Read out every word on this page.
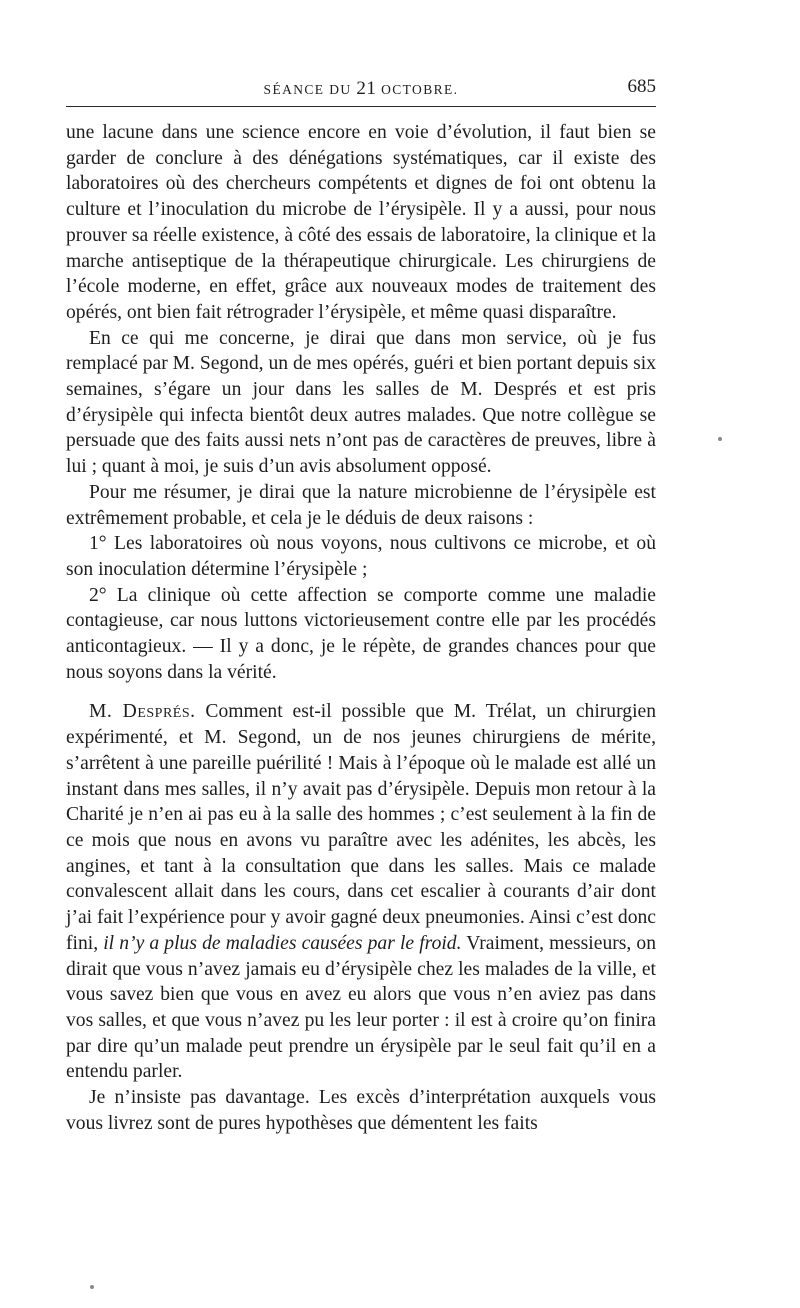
SÉANCE DU 21 OCTOBRE.	685

une lacune dans une science encore en voie d’évolution, il faut bien se garder de conclure à des dénégations systématiques, car il existe des laboratoires où des chercheurs compétents et dignes de foi ont obtenu la culture et l’inoculation du microbe de l’érysipèle. Il y a aussi, pour nous prouver sa réelle existence, à côté des essais de laboratoire, la clinique et la marche antiseptique de la thérapeutique chirurgicale. Les chirurgiens de l’école moderne, en effet, grâce aux nouveaux modes de traitement des opérés, ont bien fait rétrograder l’érysipèle, et même quasi disparaître.

En ce qui me concerne, je dirai que dans mon service, où je fus remplacé par M. Segond, un de mes opérés, guéri et bien portant depuis six semaines, s’égare un jour dans les salles de M. Després et est pris d’érysipèle qui infecta bientôt deux autres malades. Que notre collègue se persuade que des faits aussi nets n’ont pas de caractères de preuves, libre à lui ; quant à moi, je suis d’un avis absolument opposé.

Pour me résumer, je dirai que la nature microbienne de l’érysipèle est extrêmement probable, et cela je le déduis de deux raisons :

1° Les laboratoires où nous voyons, nous cultivons ce microbe, et où son inoculation détermine l’érysipèle ;

2° La clinique où cette affection se comporte comme une maladie contagieuse, car nous luttons victorieusement contre elle par les procédés anticontagieux. — Il y a donc, je le répète, de grandes chances pour que nous soyons dans la vérité.

M. Després. Comment est-il possible que M. Trélat, un chirurgien expérimenté, et M. Segond, un de nos jeunes chirurgiens de mérite, s’arrêtent à une pareille puérilité ! Mais à l’époque où le malade est allé un instant dans mes salles, il n’y avait pas d’érysipèle. Depuis mon retour à la Charité je n’en ai pas eu à la salle des hommes ; c’est seulement à la fin de ce mois que nous en avons vu paraître avec les adénites, les abcès, les angines, et tant à la consultation que dans les salles. Mais ce malade convalescent allait dans les cours, dans cet escalier à courants d’air dont j’ai fait l’expérience pour y avoir gagné deux pneumonies. Ainsi c’est donc fini, il n’y a plus de maladies causées par le froid. Vraiment, messieurs, on dirait que vous n’avez jamais eu d’érysipèle chez les malades de la ville, et vous savez bien que vous en avez eu alors que vous n’en aviez pas dans vos salles, et que vous n’avez pu les leur porter : il est à croire qu’on finira par dire qu’un malade peut prendre un érysipèle par le seul fait qu’il en a entendu parler.

Je n’insiste pas davantage. Les excès d’interprétation auxquels vous vous livrez sont de pures hypothèses que démentent les faits
